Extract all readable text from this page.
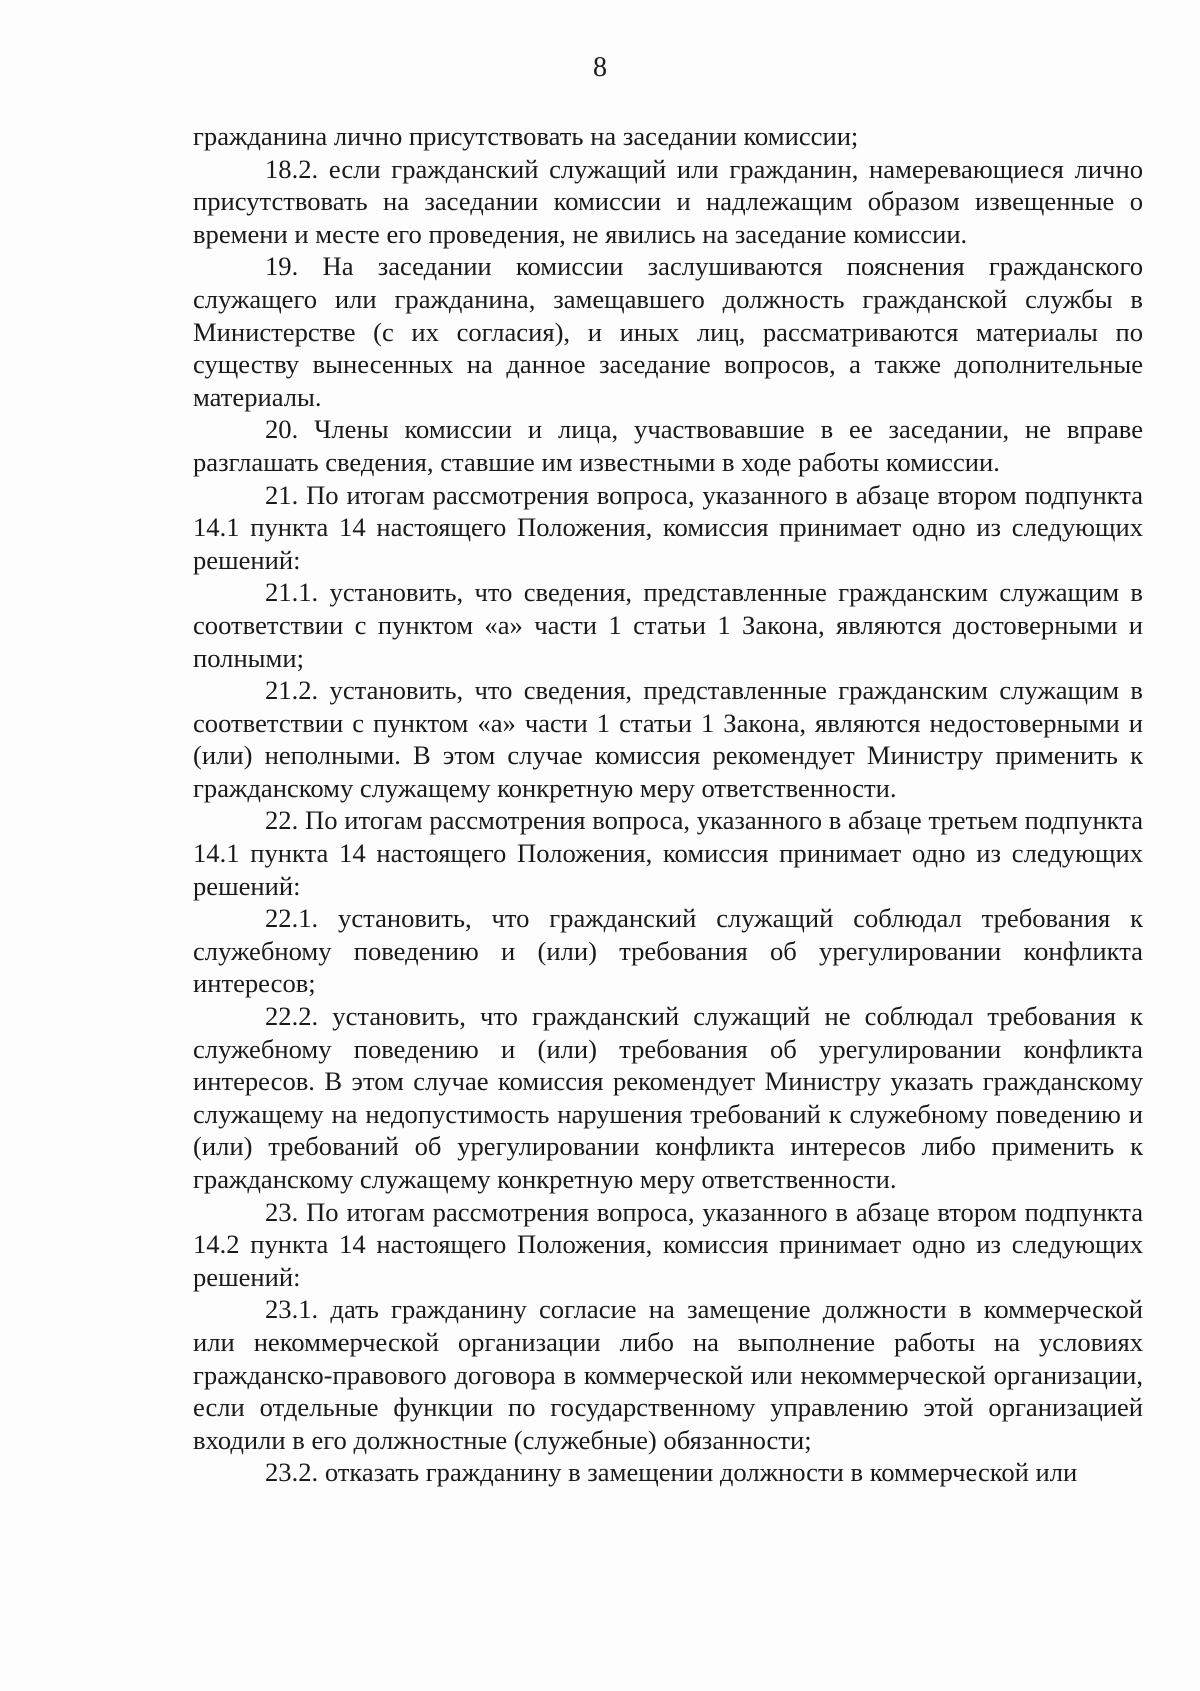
8

гражданина лично присутствовать на заседании комиссии;

18.2. если гражданский служащий или гражданин, намеревающиеся лично присутствовать на заседании комиссии и надлежащим образом извещенные о времени и месте его проведения, не явились на заседание комиссии.

19. На заседании комиссии заслушиваются пояснения гражданского служащего или гражданина, замещавшего должность гражданской службы в Министерстве (с их согласия), и иных лиц, рассматриваются материалы по существу вынесенных на данное заседание вопросов, а также дополнительные материалы.

20. Члены комиссии и лица, участвовавшие в ее заседании, не вправе разглашать сведения, ставшие им известными в ходе работы комиссии.

21. По итогам рассмотрения вопроса, указанного в абзаце втором подпункта 14.1 пункта 14 настоящего Положения, комиссия принимает одно из следующих решений:

21.1. установить, что сведения, представленные гражданским служащим в соответствии с пунктом «а» части 1 статьи 1 Закона, являются достоверными и полными;

21.2. установить, что сведения, представленные гражданским служащим в соответствии с пунктом «а» части 1 статьи 1 Закона, являются недостоверными и (или) неполными. В этом случае комиссия рекомендует Министру применить к гражданскому служащему конкретную меру ответственности.

22. По итогам рассмотрения вопроса, указанного в абзаце третьем подпункта 14.1 пункта 14 настоящего Положения, комиссия принимает одно из следующих решений:

22.1. установить, что гражданский служащий соблюдал требования к служебному поведению и (или) требования об урегулировании конфликта интересов;

22.2. установить, что гражданский служащий не соблюдал требования к служебному поведению и (или) требования об урегулировании конфликта интересов. В этом случае комиссия рекомендует Министру указать гражданскому служащему на недопустимость нарушения требований к служебному поведению и (или) требований об урегулировании конфликта интересов либо применить к гражданскому служащему конкретную меру ответственности.

23. По итогам рассмотрения вопроса, указанного в абзаце втором подпункта 14.2 пункта 14 настоящего Положения, комиссия принимает одно из следующих решений:

23.1. дать гражданину согласие на замещение должности в коммерческой или некоммерческой организации либо на выполнение работы на условиях гражданско-правового договора в коммерческой или некоммерческой организации, если отдельные функции по государственному управлению этой организацией входили в его должностные (служебные) обязанности;

23.2. отказать гражданину в замещении должности в коммерческой или
